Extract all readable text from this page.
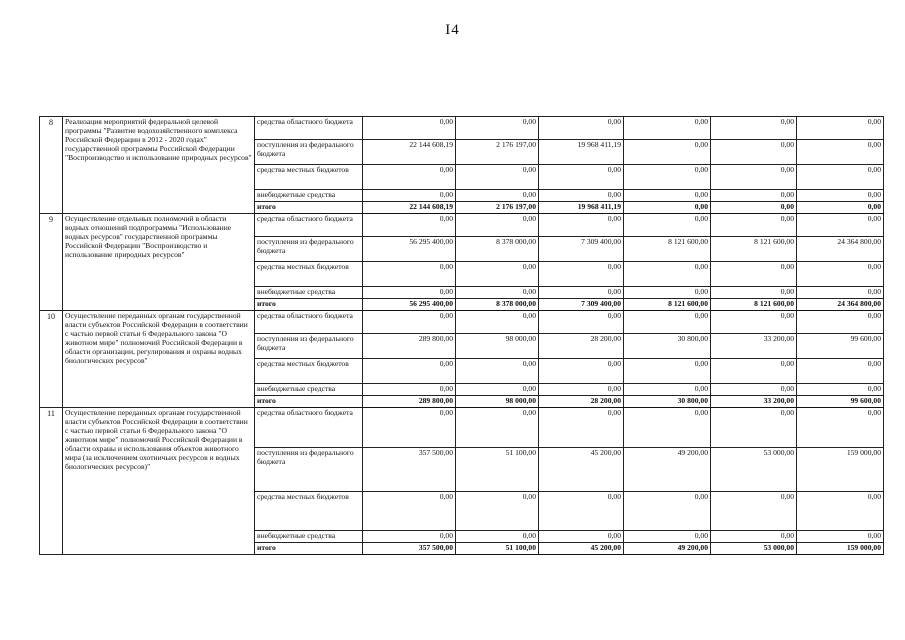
I4
8	Реализация мероприятий федеральной целевой программы "Развитие водохозяйственного комплекса Российской Федерации в 2012 - 2020 годах" государственной программы Российской Федерации "Воспроизводство и использование природных ресурсов"	средства областного бюджета	0,00	0,00	0,00	0,00	0,00	0,00
		поступления из федерального бюджета	22 144 608,19	2 176 197,00	19 968 411,19	0,00	0,00	0,00
		средства местных бюджетов	0,00	0,00	0,00	0,00	0,00	0,00
		внебюджетные средства	0,00	0,00	0,00	0,00	0,00	0,00
		итого	22 144 608,19	2 176 197,00	19 968 411,19	0,00	0,00	0,00
9	Осуществление отдельных полномочий в области водных отношений подпрограммы "Использование водных ресурсов" государственной программы Российской Федерации "Воспроизводство и использование природных ресурсов"	средства областного бюджета	0,00	0,00	0,00	0,00	0,00	0,00
		поступления из федерального бюджета	56 295 400,00	8 378 000,00	7 309 400,00	8 121 600,00	8 121 600,00	24 364 800,00
		средства местных бюджетов	0,00	0,00	0,00	0,00	0,00	0,00
		внебюджетные средства	0,00	0,00	0,00	0,00	0,00	0,00
		итого	56 295 400,00	8 378 000,00	7 309 400,00	8 121 600,00	8 121 600,00	24 364 800,00
10	Осуществление переданных органам государственной власти субъектов Российской Федерации в соответствии с частью первой статьи 6 Федерального закона "О животном мире" полномочий Российской Федерации в области организации, регулирования и охраны водных биологических ресурсов"	средства областного бюджета	0,00	0,00	0,00	0,00	0,00	0,00
		поступления из федерального бюджета	289 800,00	98 000,00	28 200,00	30 800,00	33 200,00	99 600,00
		средства местных бюджетов	0,00	0,00	0,00	0,00	0,00	0,00
		внебюджетные средства	0,00	0,00	0,00	0,00	0,00	0,00
		итого	289 800,00	98 000,00	28 200,00	30 800,00	33 200,00	99 600,00
11	Осуществление переданных органам государственной власти субъектов Российской Федерации в соответствии с частью первой статьи 6 Федерального закона "О животном мире" полномочий Российской Федерации в области охраны и использования объектов животного мира (за исключением охотничьих ресурсов и водных биологических ресурсов)"	средства областного бюджета	0,00	0,00	0,00	0,00	0,00	0,00
		поступления из федерального бюджета	357 500,00	51 100,00	45 200,00	49 200,00	53 000,00	159 000,00
		средства местных бюджетов	0,00	0,00	0,00	0,00	0,00	0,00
		внебюджетные средства	0,00	0,00	0,00	0,00	0,00	0,00
		итого	357 500,00	51 100,00	45 200,00	49 200,00	53 000,00	159 000,00
